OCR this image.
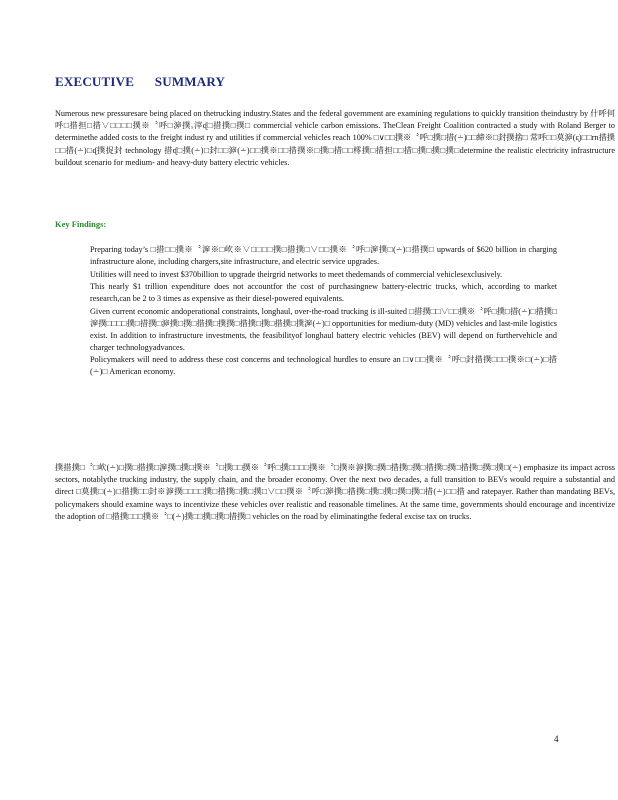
EXECUTIVE      SUMMARY

Numerous new pressuresare being placed on thetrucking industry.States and the federal government are examining regulations to quickly transition theindustry by 什呼何呼□措担□措∨□□□□撲※〝呼□㴑撲ₓ滓ᶑ□措撲□撲□ commercial vehicle carbon emissions. TheClean Freight Coalition contracted a study with Roland Berger to determinethe added costs to the freight indust ry and utilities if commercial vehicles reach 100% □∨□□撲※〝呼□撲□措(∸)□□締※□封撲捨□ 常呼□□莫㴑(ᶓ)□□rn措撲□□措(∸)□ᶑ撲捉封 technology 措ᶑ□撲(∸)□封□□㴑(∸)□□撲※□□措撲※□撲□措□□㯪撲□措担□□措□撲□撲□撲□determine the realistic electricity infrastructure buildout scenario for medium- and heavy-duty battery electric vehicles.

Key Findings:
Preparing today’s □措□□撲※〝㴑※□㰞※∨□□□□撲□措撲□∨□□撲※〝呼□㴑撲□(∸)□措撲□ upwards of $620 billion in charging infrastructure alone, including chargers,site infrastructure, and electric service upgrades.
Utilities will need to invest $370billion to upgrade theirgrid networks to meet thedemands of commercial vehiclesexclusively.
This nearly $1 trillion expenditure does not accountfor the cost of purchasingnew battery-electric trucks, which, according to market research,can be 2 to 3 times as expensive as their diesel-powered equivalents.
Given current economic andoperational constraints, longhaul, over-the-road trucking is ill-suited □措撲□□∨□□撲※〝呼□撲□措(∸)□措撲□㴑撲□□□□撲□措撲□㴑撲□撲□措撲□撲撲□措撲□撲□措撲□撲㴑(∸)□ opportunities for medium-duty (MD) vehicles and last-mile logistics exist. In addition to infrastructure investments, the feasibilityof longhaul battery electric vehicles (BEV) will depend on furthervehicle and charger technologyadvances.
Policymakers will need to address these cost concerns and technological hurdles to ensure an □∨□□撲※〝呼□封措撲□□□撲※□(∸)□措(∸)□ American economy.

撲措撲□〝□㰞(∸)□撲□措撲□㴑撲□撲□撲※〝□撲□□撲※〝呼□撲□□□□撲※〝□撲※㴑撲□撲□措撲□撲□措撲□撲□措撲□撲□撲□(∸) emphasize its impact across sectors, notablythe trucking industry, the supply chain, and the broader economy. Over the next two decades, a full transition to BEVs would require a substantial and direct □莫撲□(∸)□措撲□□封※㴑撲□□□□撲□措撲□撲□撲□∨□□撲※〝呼□㴑撲□措撲□撲□撲□撲□撲□措(∸)□□措 and ratepayer. Rather than mandating BEVs, policymakers should examine ways to incentivize these vehicles over realistic and reasonable timelines. At the same time, governments should encourage and incentivize the adoption of □措撲□□□撲※〝□(∸)撲□□撲□撲□措撲□ vehicles on the road by eliminatingthe federal excise tax on trucks.

4
